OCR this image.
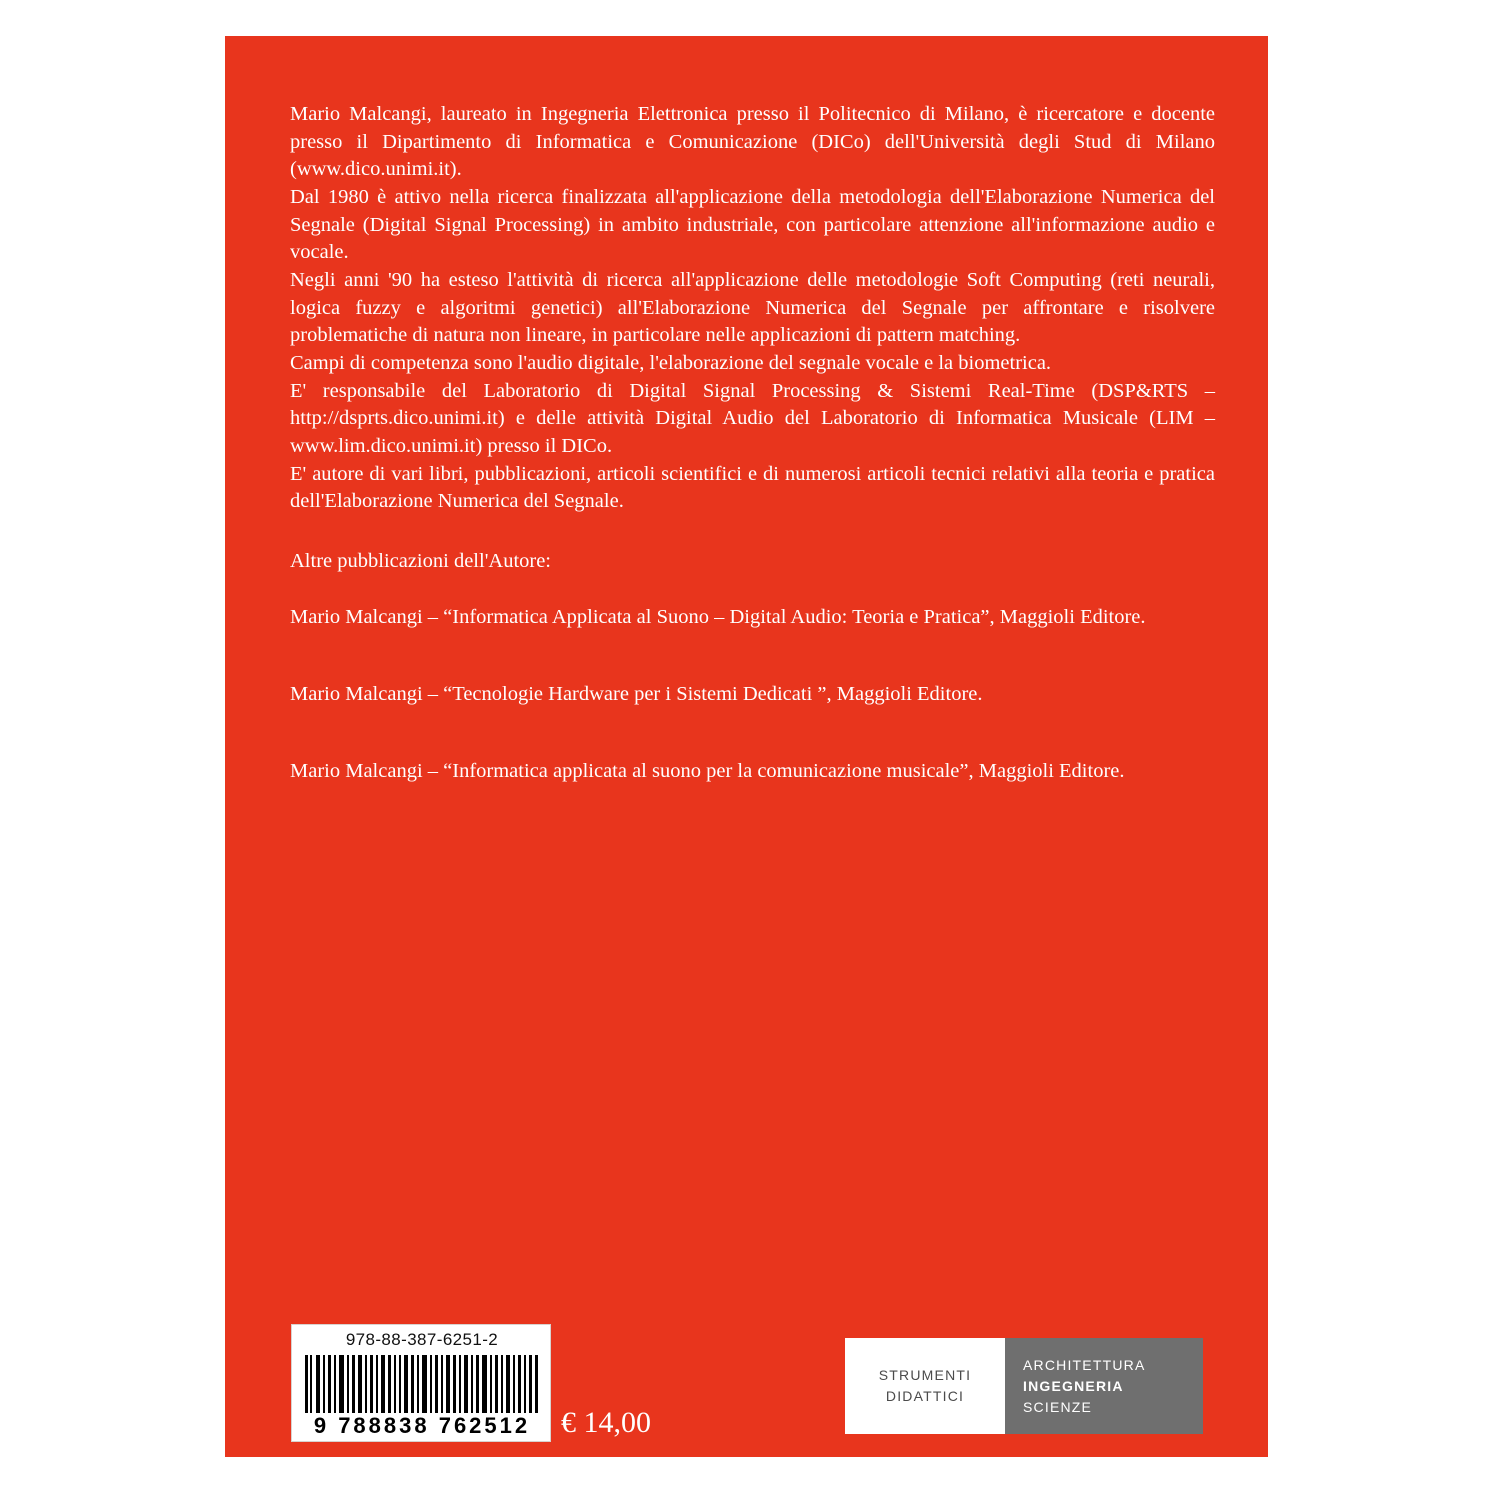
Mario Malcangi, laureato in Ingegneria Elettronica presso il Politecnico di Milano, è ricercatore e docente presso il Dipartimento di Informatica e Comunicazione (DICo) dell'Università degli Stud di Milano (www.dico.unimi.it).

Dal 1980 è attivo nella ricerca finalizzata all'applicazione della metodologia dell'Elaborazione Numerica del Segnale (Digital Signal Processing) in ambito industriale, con particolare attenzione all'informazione audio e vocale.

Negli anni '90 ha esteso l'attività di ricerca all'applicazione delle metodologie Soft Computing (reti neurali, logica fuzzy e algoritmi genetici) all'Elaborazione Numerica del Segnale per affrontare e risolvere problematiche di natura non lineare, in particolare nelle applicazioni di pattern matching.

Campi di competenza sono l'audio digitale, l'elaborazione del segnale vocale e la biometrica.

E' responsabile del Laboratorio di Digital Signal Processing & Sistemi Real-Time (DSP&RTS – http://dsprts.dico.unimi.it) e delle attività Digital Audio del Laboratorio di Informatica Musicale (LIM – www.lim.dico.unimi.it) presso il DICo.

E' autore di vari libri, pubblicazioni, articoli scientifici e di numerosi articoli tecnici relativi alla teoria e pratica dell'Elaborazione Numerica del Segnale.

Altre pubblicazioni dell'Autore:
Mario Malcangi – “Informatica Applicata al Suono – Digital Audio: Teoria e Pratica”, Maggioli Editore.
Mario Malcangi – “Tecnologie Hardware per i Sistemi Dedicati ”, Maggioli Editore.
Mario Malcangi – “Informatica applicata al suono per la comunicazione musicale”, Maggioli Editore.
978-88-387-6251-2
9 788838 762512	€ 14,00
STRUMENTI
DIDATTICI
ARCHITETTURA
INGEGNERIA
SCIENZE
